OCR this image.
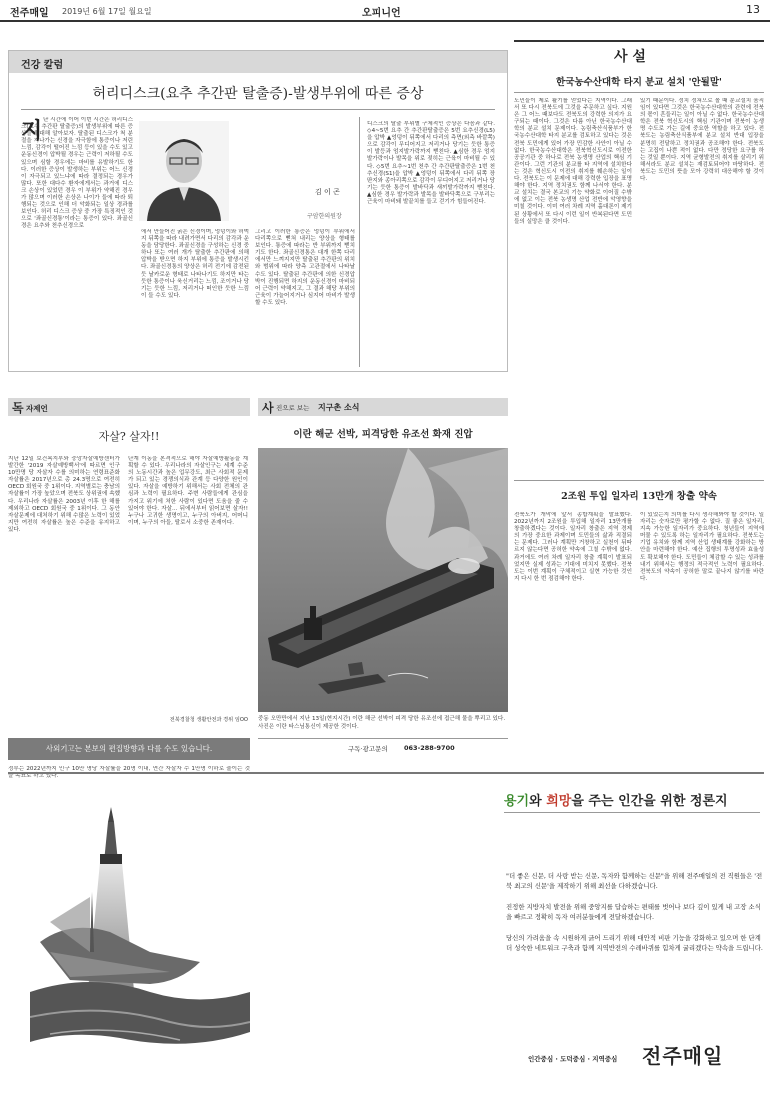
전주매일 2019년 6월 17일 월요일	오피니언	13
건강 칼럼
허리디스크(요추 추간판 탈출증)-발생부위에 따른 증상
지 난 시간에 이어 이번 시간은 허리디스크(요추 추간판 탈출증)의 발생부위에 따른 증상들에 대해 알아보자. 탈출된 디스크가 척 분절을 지나가는 신경을 자극함에 통증이나 저린 느낌, 감각이 떨어진 느낌 등이 있을 수도 있고 운동신경이 압박될 경우는 근력이 저하될 수도 있으며 심할 경우에는 마비를 유발하기도 한다. 이러한 증상이 발생하는 부위는 어느 신경이 자극되고 있느냐에 따라 결정되는 경우가 많다. 또한 대다수 환자에게서는 과거에 디스크 손상이 있었던 경우 이 부위가 약해진 경우가 많으며 이러한 손상은 나이가 들에 따라 퇴행되는 것으로 인해 더 악화되는 일상 경과를 보인다. 허리 디스크 증상 중 가장 특징적인 것으로 '좌골신경통'이라는 통증이 있다. 좌골신경은 요추와 천추신경으로
김 이 곤
구암한의원장
에서 만들어진 굵은 신경이며, 엉덩이와 허벅지 뒤쪽을 따라 내려가면서 다리의 감각과 운동을 담당한다. 좌골신경을 구성하는 신경 중 하나 또는 여러 개가 탈출한 추간판에 의해 압박을 받으면 하지 부위에 통증을 발생시킨다. 좌골신경통의 양상은 허리 전기에 감전된 듯 날카로운 형태로 나타나기도 하지만 타는 듯한 통증이나 욱신거리는 느낌, 조이거나 당기는 듯한 느낌, 저리거나 떠인한 듯한 느낌이 들 수도 있다.
그리고 이러한 통증은 엉덩이 부위에서 다리쪽으로 뻗쳐 내리는 양상을 형태를 보인다. 통증에 따라는 반 부위까지 뻗치기도 한다. 좌골신경통은 대개 한쪽 다리에서만 느껴지지만 탈출된 추간판의 위치와 범위에 따라 양측 고관절에서 나타날 수도 있다. 탈출된 추간판에 의한 신경압박이 진행되면 하지의 운동신경이 마비되어 근력이 약해지고, 그 결과 해당 부위의 근육이 가늘어지거나 심지어 마비가 발생할 수도 있다.
디스크의 탈출 부위별 구체적인 증상은 다음과 같다. ◇4~5번 요추 간 추간판탈출증은 5번 요추신경(L5)을 압박 ▲엉덩이 뒤쪽에서 다리의 측면(외측 바깥쪽)으로 감각이 무디어지고 저리거나 당기는 듯한 통증이 발등과 엄지발가락까지 뻗친다. ▲심한 경우 엄지발가락이나 발목을 위로 젖히는 근육이 마비될 수 있다. ◇5번 요추~1번 천추 간 추간판탈출증은 1번 천추신경(S1)을 압박 ▲엉덩이 뒤쪽에서 다리 뒤쪽 장딴지와 종아리쪽으로 감각이 무디어지고 저리거나 당기는 듯한 통증이 발바닥과 새끼발가락까지 뻗친다. ▲심한 경우 발가락과 발목을 발바닥쪽으로 구부리는 근육이 마비돼 발끝치를 들고 걷기가 힘들어진다.
사 설
한국농수산대학 타지 분교 설치 '안될말'
도민들이 제로 활기를 얻었다는 지역이다. 그래서 또 다시 전북도에 그것을 주문하고 싶다. 지원은 그 어느 때보다도 전북도의 강력한 의지가 요구되는 때이다. 그것은 다름 아닌 한국농수산대학의 분교 설치 문제이다. 농림축산식품부가 한국농수산대학 타지 분교를 검토하고 있다는 것은 전북 도민에게 있어 가장 민감한 사안이 아닐 수 없다. 한국농수산대학은 전북혁신도시로 이전한 공공기관 중 하나로 전북 농생명 산업의 핵심 기관이다. 그런 기관의 분교를 타 지역에 설치한다는 것은 혁신도시 이전의 취지를 훼손하는 일이다. 전북도는 이 문제에 대해 강력한 입장을 표명해야 한다. 지역 정치권도 함께 나서야 한다. 분교 설치는 결국 본교의 기능 약화로 이어질 수밖에 없고 이는 전북 농생명 산업 전반에 악영향을 미칠 것이다. 이미 여러 차례 지역 홀대론이 제기된 상황에서 또 다시 이런 일이 반복된다면 도민들의 실망은 클 것이다.
있기 때문이다. 정치 정쳐으로 볼 때 분교설치 움직임이 있다면 그것은 한국농수산대학의 관련에 전북의 몫이 흔들리는 일이 아닐 수 없다. 한국농수산대학은 전북 혁신도시의 핵심 기관이며 전북이 농생명 수도로 가는 길에 중요한 역할을 하고 있다. 전북도는 농림축산식품부에 분교 설치 반대 입장을 분명히 전달하고 정치권과 공조해야 한다. 전북도는 고집이 나쁜 적이 없다. 다만 정당한 요구를 하는 것일 뿐이다. 지역 균형발전의 취지를 살리기 위해서라도 분교 설치는 재검토되어야 마땅하다. 전북도는 도민의 뜻을 모아 강력히 대응해야 할 것이다.
2조원 투입 일자리 13만개 창출 약속
전북도가 개막에 앞서 종합계획을 발표했다. 2022년까지 2조원을 투입해 일자리 13만개를 창출하겠다는 것이다. 일자리 창출은 지역 경제의 가장 중요한 과제이며 도민들의 삶과 직결되는 문제다. 그러나 계획만 거창하고 실천이 뒤따르지 않는다면 공허한 약속에 그칠 수밖에 없다. 과거에도 여러 차례 일자리 창출 계획이 발표되었지만 실제 성과는 기대에 미치지 못했다. 전북도는 이번 계획이 구체적이고 실현 가능한 것인지 다시 한 번 점검해야 한다.
이 있었는지 의미를 다시 생각해봐야 할 것이다. 일자리는 숫자로만 평가할 수 없다. 질 좋은 일자리, 지속 가능한 일자리가 중요하다. 청년들이 지역에 머물 수 있도록 하는 일자리가 필요하다. 전북도는 기업 유치와 함께 지역 산업 생태계를 강화하는 방안을 마련해야 한다. 예산 집행의 투명성과 효율성도 확보해야 한다. 도민들이 체감할 수 있는 성과를 내기 위해서는 행정의 적극적인 노력이 필요하다. 전북도의 약속이 공허한 말로 끝나지 않기를 바란다.
독 자제언
자살? 살자!!
지난 12일 보건복지부와 중앙자살예방센터가 발간한 '2019 자살예방백서'에 따르면 인구 10만명 당 자살자 수를 의미하는 연령표준화 자살률은 2017년으로 총 24.3명으로 여전히 OECD 회원국 중 1위이다. 지역별로는 충남의 자살률이 가장 높았으며 전북도 상위권에 속했다. 우리나라 자살률은 2003년 이후 한 해를 제외하고 OECD 회원국 중 1위이다. 그 동안 자살문제에 대처하기 위해 수많은 노력이 있었지만 여전히 자살률은 높은 수준을 유지하고 있다.
단계 이동을 본격적으로 해야 자살예방활동을 계획할 수 있다. 우리나라의 자살인구는 세계 수준의 노동시간과 높은 업무강도, 최근 사회적 문제가 되고 있는 경쟁의식과 관계 등 다양한 원인이 있다. 자살을 예방하기 위해서는 사회 전체의 관심과 노력이 필요하다. 주변 사람들에게 관심을 가지고 위기에 처한 사람이 있다면 도움을 줄 수 있어야 한다. 자살... 뒤에서부터 읽어보면 살자!! 누구나 고귀한 생명이고, 누구의 아버지, 어머니이며, 누구의 아들, 딸로서 소중한 존재이다.
전북경찰청 생활안전과 경위 임OO
사외기고는 본보의 편집방향과 다를 수도 있습니다.
정부는 2022년까지 인구 10만 명당 자살률을 20명 이내, 연간 자살자 수 1만명 이하로 줄이는 것을 목표로 하고 있다.
사 진으로 보는 지구촌 소식
이란 해군 선박, 피격당한 유조선 화재 진압
중동 오만만에서 지난 13일(현지시간) 이란 해군 선박이 피격 당한 유조선에 접근해 물을 뿌리고 있다. 사진은 이란 타스님통신이 제공한 것이다.
구독·광고문의	063-288-9700
용기와 희망을 주는 인간을 위한 정론지

"더 좋은 신문, 더 사랑 받는 신문, 독자와 함께하는 신문"을 위해 전주매일의 전 직원들은 '전북 최고의 신문'을 제작하기 위해 최선을 다하겠습니다.

진정한 지방자치 발전을 위해 중앙지를 답습하는 편태를 벗어나 보다 깊이 있게 내 고장 소식을 빠르고 정확히 독자 여러분들에게 전달하겠습니다.

당신의 가려움을 속 시원하게 긁어 드리기 위해 대안적 비판 기능을 강화하고 있으며 한 단계 더 성숙한 네트워크 구축과 함께 지역반전의 수레바퀴를 힘차게 굴리겠다는 약속을 드립니다.

인간중심 · 도덕중심 · 지역중심 전주매일
